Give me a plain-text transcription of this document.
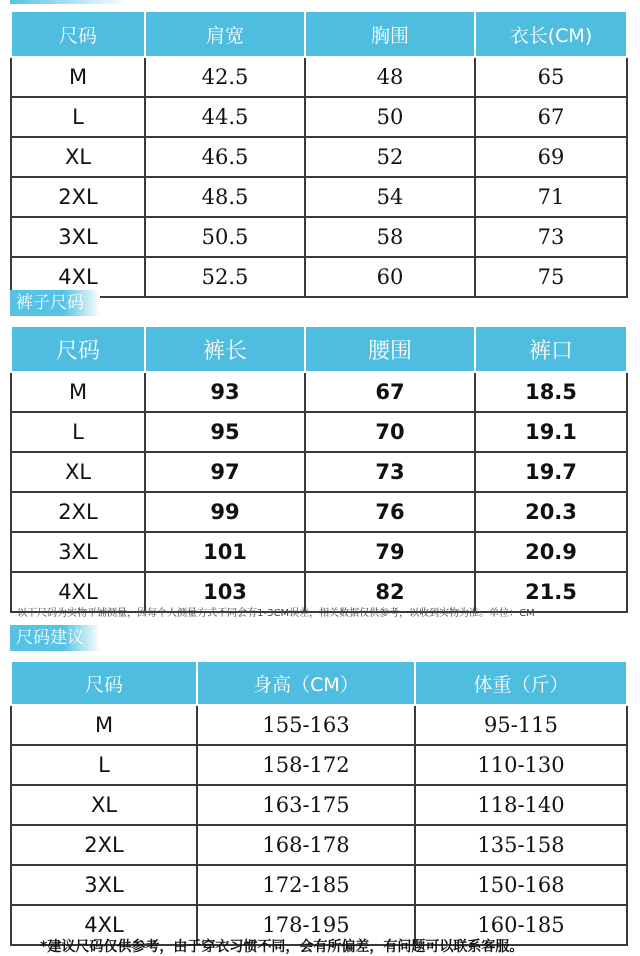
尺码	肩宽	胸围	衣长(CM)
M	42.5	48	65
L	44.5	50	67
XL	46.5	52	69
2XL	48.5	54	71
3XL	50.5	58	73
4XL	52.5	60	75
裤子尺码
尺码	裤长	腰围	裤口
M	93	67	18.5
L	95	70	19.1
XL	97	73	19.7
2XL	99	76	20.3
3XL	101	79	20.9
4XL	103	82	21.5
·以下尺码为实物平铺测量，因每个人测量方式不同会有1-3CM误差，相关数据仅供参考，以收到实物为准。单位：CM
尺码建议
尺码	身高（CM）	体重（斤）
M	155-163	95-115
L	158-172	110-130
XL	163-175	118-140
2XL	168-178	135-158
3XL	172-185	150-168
4XL	178-195	160-185
*建议尺码仅供参考，由于穿衣习惯不同，会有所偏差，有问题可以联系客服。
